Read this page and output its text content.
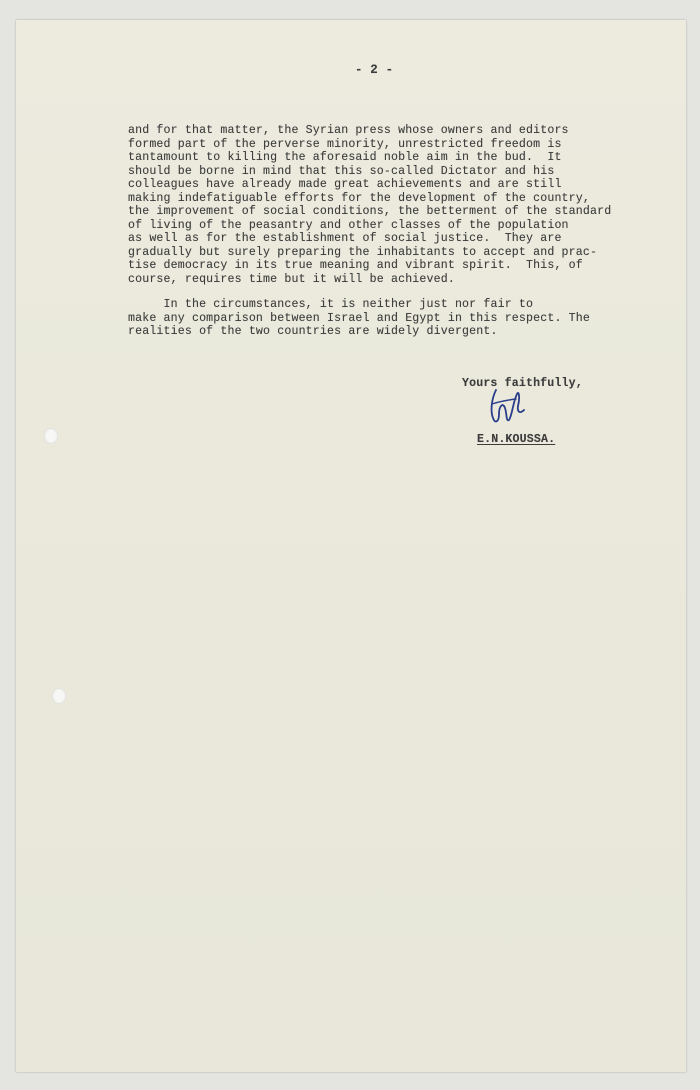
- 2 -
and for that matter, the Syrian press whose owners and editors
formed part of the perverse minority, unrestricted freedom is
tantamount to killing the aforesaid noble aim in the bud.  It
should be borne in mind that this so-called Dictator and his
colleagues have already made great achievements and are still
making indefatiguable efforts for the development of the country,
the improvement of social conditions, the betterment of the standard
of living of the peasantry and other classes of the population
as well as for the establishment of social justice.  They are
gradually but surely preparing the inhabitants to accept and prac-
tise democracy in its true meaning and vibrant spirit.  This, of
course, requires time but it will be achieved.
In the circumstances, it is neither just nor fair to
make any comparison between Israel and Egypt in this respect. The
realities of the two countries are widely divergent.
Yours faithfully,
E.N.KOUSSA.
